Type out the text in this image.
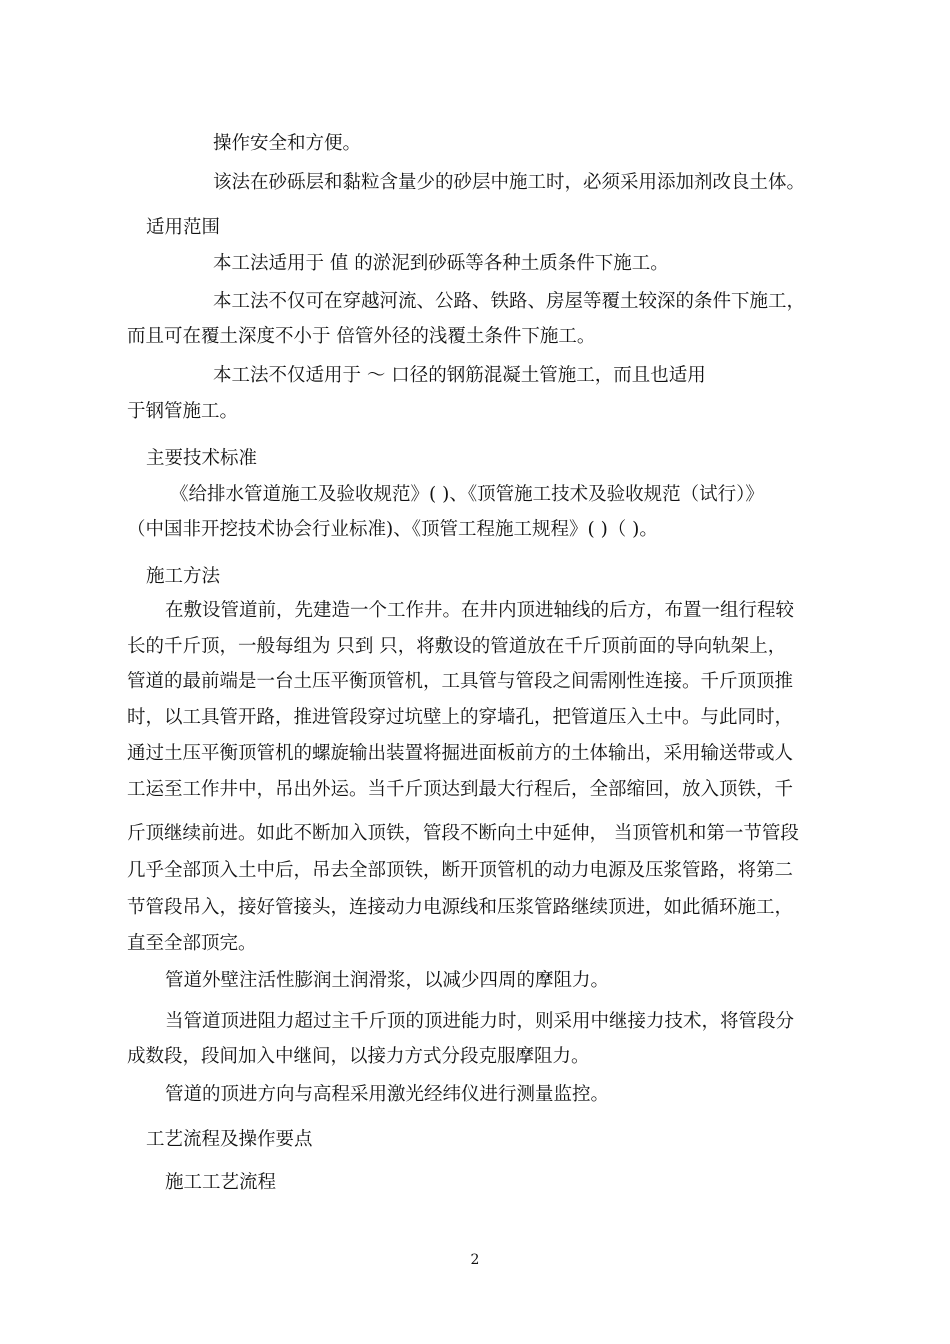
操作安全和方便。
该法在砂砾层和黏粒含量少的砂层中施工时，必须采用添加剂改良土体。
适用范围
本工法适用于 值 的淤泥到砂砾等各种土质条件下施工。
本工法不仅可在穿越河流、公路、铁路、房屋等覆土较深的条件下施工，
而且可在覆土深度不小于 倍管外径的浅覆土条件下施工。
本工法不仅适用于 ～ 口径的钢筋混凝土管施工，而且也适用
于钢管施工。
主要技术标准
《给排水管道施工及验收规范》( )、《顶管施工技术及验收规范（试行）》
（中国非开挖技术协会行业标准)、《顶管工程施工规程》( )（ )。
施工方法
在敷设管道前，先建造一个工作井。在井内顶进轴线的后方，布置一组行程较
长的千斤顶，一般每组为 只到 只，将敷设的管道放在千斤顶前面的导向轨架上，
管道的最前端是一台土压平衡顶管机，工具管与管段之间需刚性连接。千斤顶顶推
时，以工具管开路，推进管段穿过坑壁上的穿墙孔，把管道压入土中。与此同时，
通过土压平衡顶管机的螺旋输出装置将掘进面板前方的土体输出，采用输送带或人
工运至工作井中，吊出外运。当千斤顶达到最大行程后，全部缩回，放入顶铁，千
斤顶继续前进。如此不断加入顶铁，管段不断向土中延伸， 当顶管机和第一节管段
几乎全部顶入土中后，吊去全部顶铁，断开顶管机的动力电源及压浆管路，将第二
节管段吊入，接好管接头，连接动力电源线和压浆管路继续顶进，如此循环施工，
直至全部顶完。
管道外壁注活性膨润土润滑浆，以减少四周的摩阻力。
当管道顶进阻力超过主千斤顶的顶进能力时，则采用中继接力技术，将管段分
成数段，段间加入中继间，以接力方式分段克服摩阻力。
管道的顶进方向与高程采用激光经纬仪进行测量监控。
工艺流程及操作要点
施工工艺流程
2
